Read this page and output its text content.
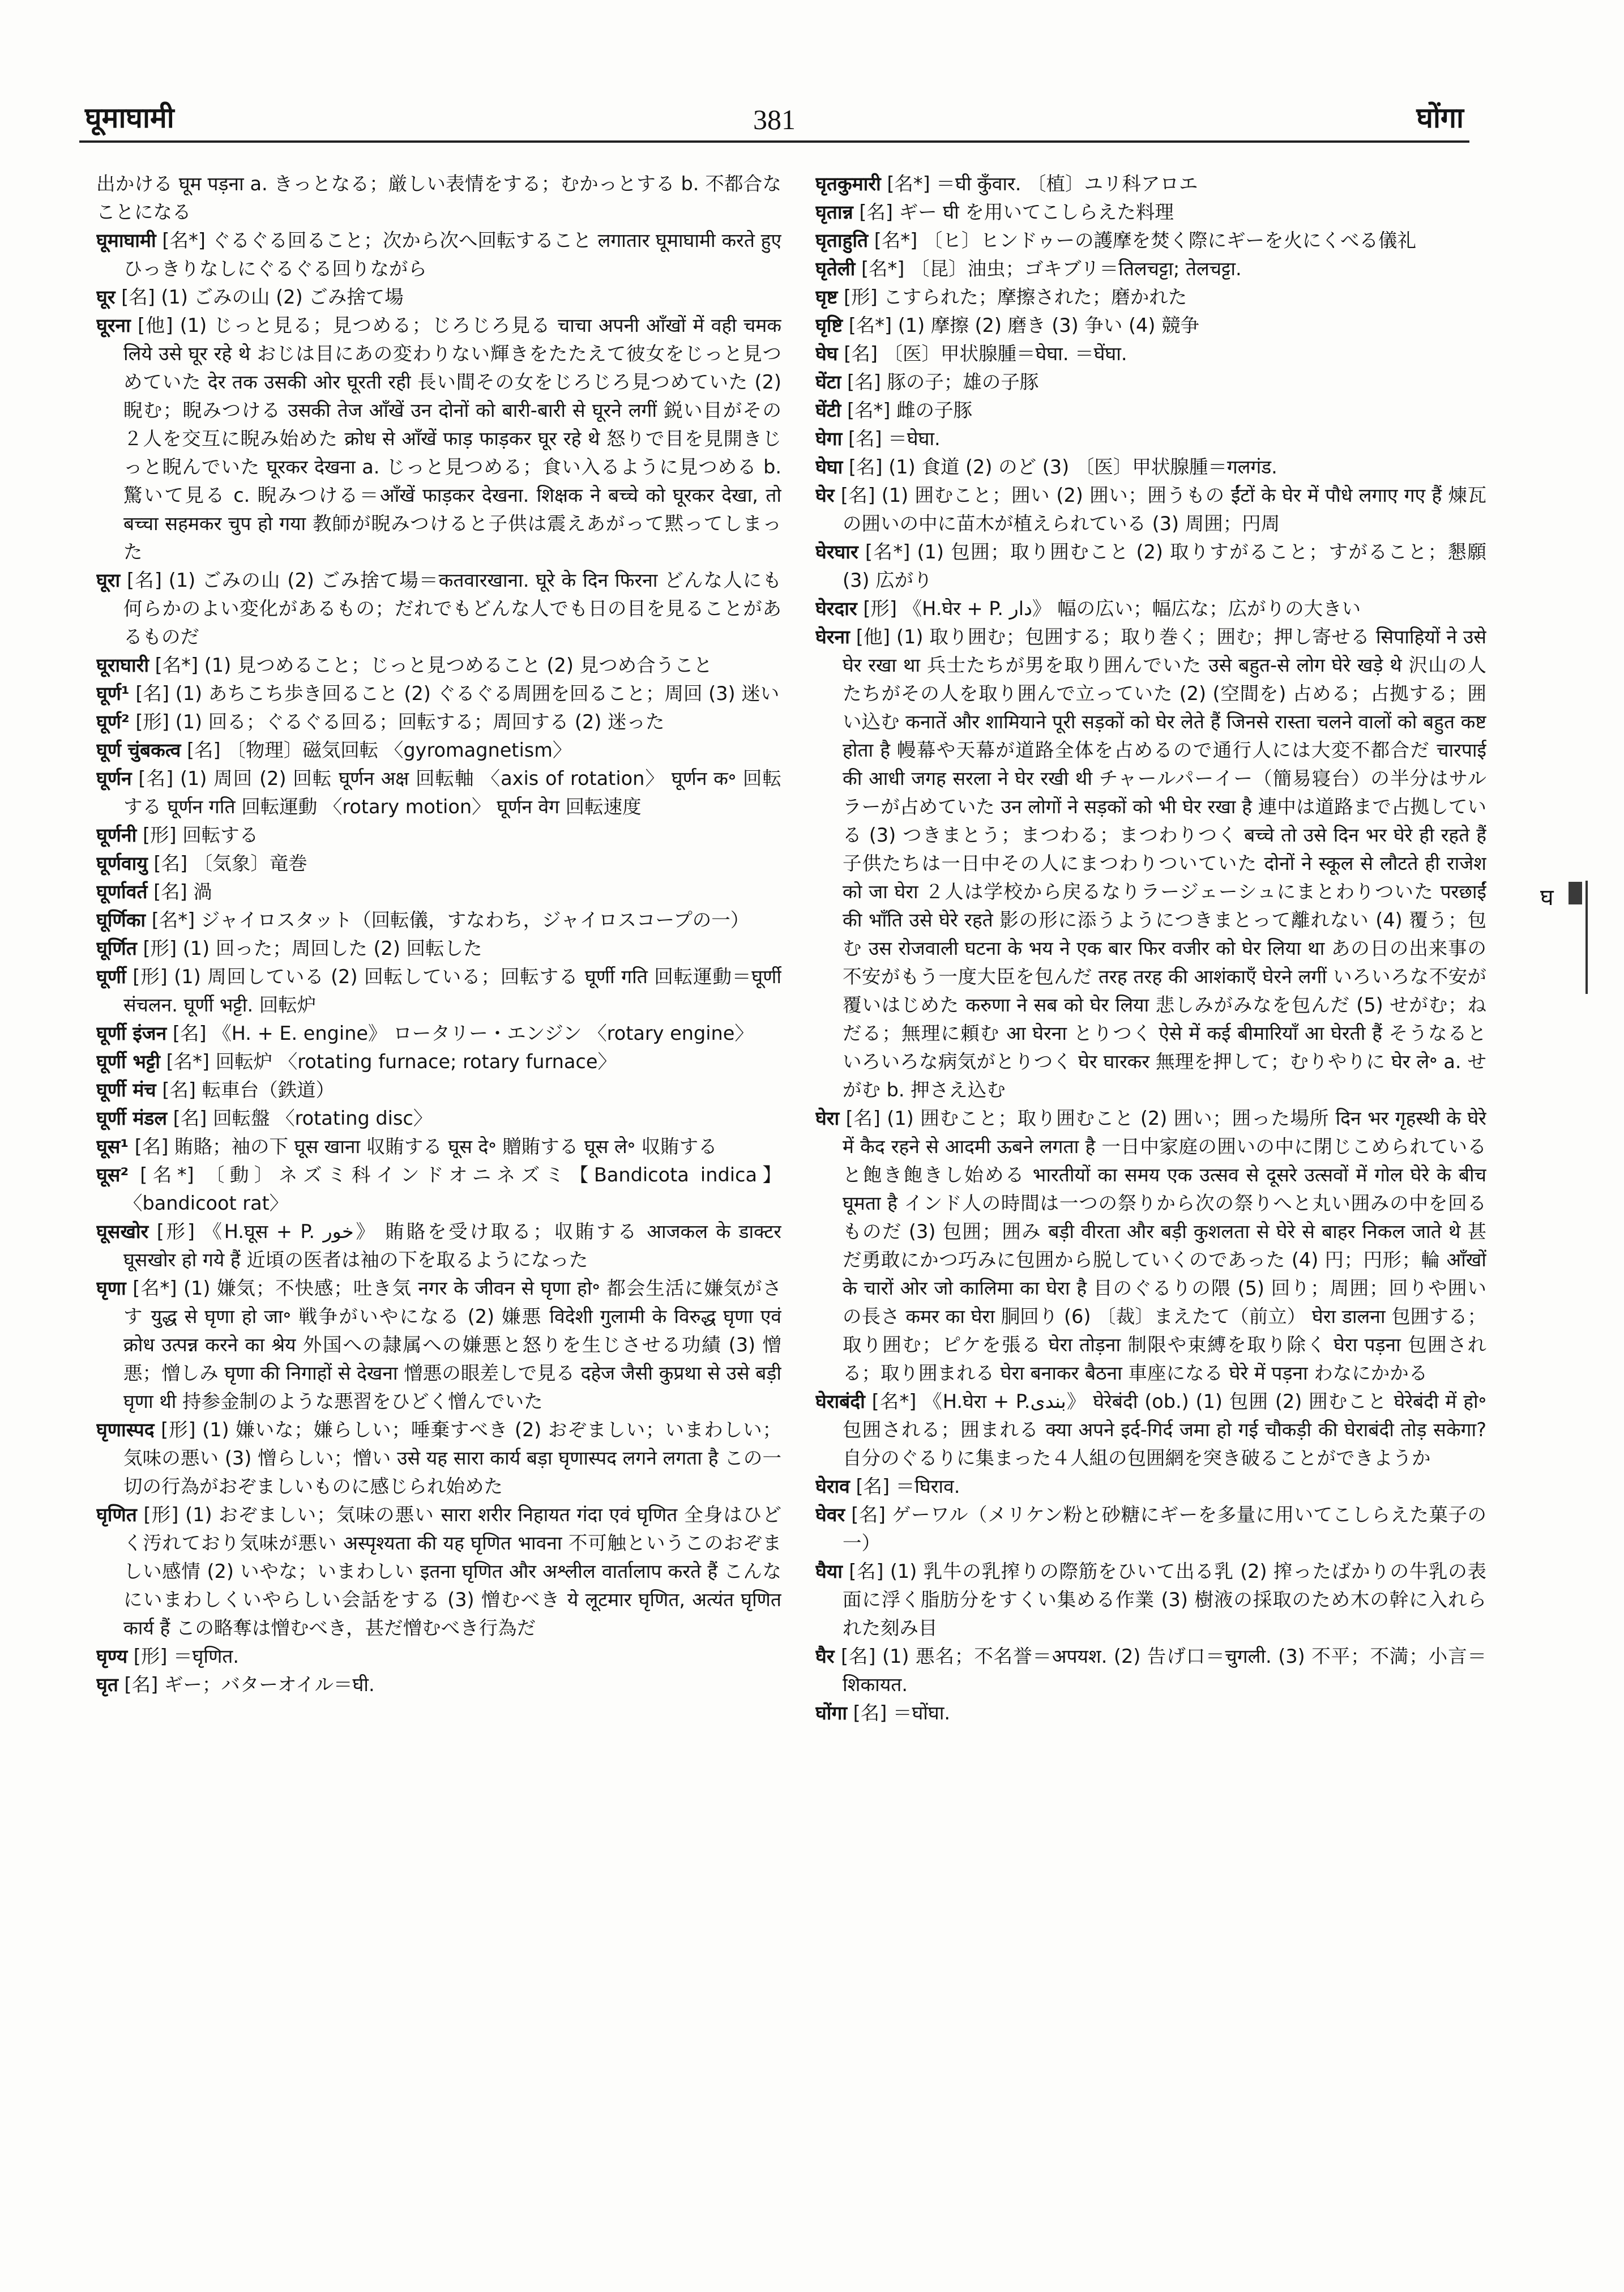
घूमाघामी	381	घोंगा

出かける घूम पड़ना a. きっとなる；厳しい表情をする；むかっとする b. 不都合なことになる

घूमाघामी [名*] ぐるぐる回ること；次から次へ回転すること लगातार घूमाघामी करते हुए ひっきりなしにぐるぐる回りながら

घूर [名] (1) ごみの山 (2) ごみ捨て場

घूरना [他] (1) じっと見る；見つめる；じろじろ見る चाचा अपनी आँखों में वही चमक लिये उसे घूर रहे थे おじは目にあの変わりない輝きをたたえて彼女をじっと見つめていた देर तक उसकी ओर घूरती रही 長い間その女をじろじろ見つめていた (2) 睨む；睨みつける उसकी तेज आँखें उन दोनों को बारी-बारी से घूरने लगीं 鋭い目がその２人を交互に睨み始めた क्रोध से आँखें फाड़ फाड़कर घूर रहे थे 怒りで目を見開きじっと睨んでいた घूरकर देखना a. じっと見つめる；食い入るように見つめる b. 驚いて見る c. 睨みつける＝आँखें फाड़कर देखना. शिक्षक ने बच्चे को घूरकर देखा, तो बच्चा सहमकर चुप हो गया 教師が睨みつけると子供は震えあがって黙ってしまった

घूरा [名] (1) ごみの山 (2) ごみ捨て場＝कतवारखाना. घूरे के दिन फिरना どんな人にも何らかのよい変化があるもの；だれでもどんな人でも日の目を見ることがあるものだ

घूराघारी [名*] (1) 見つめること；じっと見つめること (2) 見つめ合うこと

घूर्ण¹ [名] (1) あちこち歩き回ること (2) ぐるぐる周囲を回ること；周回 (3) 迷い

घूर्ण² [形] (1) 回る；ぐるぐる回る；回転する；周回する (2) 迷った

घूर्ण चुंबकत्व [名] 〔物理〕磁気回転 〈gyromagnetism〉

घूर्णन [名] (1) 周回 (2) 回転 घूर्णन अक्ष 回転軸 〈axis of rotation〉 घूर्णन क॰ 回転する घूर्णन गति 回転運動 〈rotary motion〉 घूर्णन वेग 回転速度

घूर्णनी [形] 回転する

घूर्णवायु [名] 〔気象〕竜巻

घूर्णावर्त [名] 渦

घूर्णिका [名*] ジャイロスタット（回転儀，すなわち，ジャイロスコープの一）

घूर्णित [形] (1) 回った；周回した (2) 回転した

घूर्णी [形] (1) 周回している (2) 回転している；回転する घूर्णी गति 回転運動＝घूर्णी संचलन. घूर्णी भट्टी. 回転炉

घूर्णी इंजन [名] 《H. + E. engine》 ロータリー・エンジン 〈rotary engine〉

घूर्णी भट्टी [名*] 回転炉 〈rotating furnace; rotary furnace〉

घूर्णी मंच [名] 転車台（鉄道）

घूर्णी मंडल [名] 回転盤 〈rotating disc〉

घूस¹ [名] 賄賂；袖の下 घूस खाना 収賄する घूस दे॰ 贈賄する घूस ले॰ 収賄する

घूस² [名*] 〔動〕ネズミ科インドオニネズミ【Bandicota indica】 〈bandicoot rat〉

घूसखोर [形] 《H.घूस + P. خور》 賄賂を受け取る；収賄する आजकल के डाक्टर घूसखोर हो गये हैं 近頃の医者は袖の下を取るようになった

घृणा [名*] (1) 嫌気；不快感；吐き気 नगर के जीवन से घृणा हो॰ 都会生活に嫌気がさす युद्ध से घृणा हो जा॰ 戦争がいやになる (2) 嫌悪 विदेशी गुलामी के विरुद्ध घृणा एवं क्रोध उत्पन्न करने का श्रेय 外国への隷属への嫌悪と怒りを生じさせる功績 (3) 憎悪；憎しみ घृणा की निगाहों से देखना 憎悪の眼差しで見る दहेज जैसी कुप्रथा से उसे बड़ी घृणा थी 持参金制のような悪習をひどく憎んでいた

घृणास्पद [形] (1) 嫌いな；嫌らしい；唾棄すべき (2) おぞましい；いまわしい；気味の悪い (3) 憎らしい；憎い उसे यह सारा कार्य बड़ा घृणास्पद लगने लगता है この一切の行為がおぞましいものに感じられ始めた

घृणित [形] (1) おぞましい；気味の悪い सारा शरीर निहायत गंदा एवं घृणित 全身はひどく汚れており気味が悪い अस्पृश्यता की यह घृणित भावना 不可触というこのおぞましい感情 (2) いやな；いまわしい इतना घृणित और अश्लील वार्तालाप करते हैं こんなにいまわしくいやらしい会話をする (3) 憎むべき ये लूटमार घृणित, अत्यंत घृणित कार्य हैं この略奪は憎むべき，甚だ憎むべき行為だ

घृण्य [形] ＝घृणित.

घृत [名] ギー；バターオイル＝घी.

घृतकुमारी [名*] ＝घी कुँवार. 〔植〕ユリ科アロエ

घृतान्न [名] ギー घी を用いてこしらえた料理

घृताहुति [名*] 〔ヒ〕ヒンドゥーの護摩を焚く際にギーを火にくべる儀礼

घृतेली [名*] 〔昆〕油虫；ゴキブリ＝तिलचट्टा; तेलचट्टा.

घृष्ट [形] こすられた；摩擦された；磨かれた

घृष्टि [名*] (1) 摩擦 (2) 磨き (3) 争い (4) 競争

घेघ [名] 〔医〕甲状腺腫＝घेघा. ＝घेंघा.

घेंटा [名] 豚の子；雄の子豚

घेंटी [名*] 雌の子豚

घेगा [名] ＝घेघा.

घेघा [名] (1) 食道 (2) のど (3) 〔医〕甲状腺腫＝गलगंड.

घेर [名] (1) 囲むこと；囲い (2) 囲い；囲うもの ईंटों के घेर में पौधे लगाए गए हैं 煉瓦の囲いの中に苗木が植えられている (3) 周囲；円周

घेरघार [名*] (1) 包囲；取り囲むこと (2) 取りすがること；すがること；懇願 (3) 広がり

घेरदार [形] 《H.घेर + P. دار》 幅の広い；幅広な；広がりの大きい

घेरना [他] (1) 取り囲む；包囲する；取り巻く；囲む；押し寄せる सिपाहियों ने उसे घेर रखा था 兵士たちが男を取り囲んでいた उसे बहुत-से लोग घेरे खड़े थे 沢山の人たちがその人を取り囲んで立っていた (2) (空間を) 占める；占拠する；囲い込む कनातें और शामियाने पूरी सड़कों को घेर लेते हैं जिनसे रास्ता चलने वालों को बहुत कष्ट होता है 幔幕や天幕が道路全体を占めるので通行人には大変不都合だ चारपाई की आधी जगह सरला ने घेर रखी थी チャールパーイー（簡易寝台）の半分はサルラーが占めていた उन लोगों ने सड़कों को भी घेर रखा है 連中は道路まで占拠している (3) つきまとう；まつわる；まつわりつく बच्चे तो उसे दिन भर घेरे ही रहते हैं 子供たちは一日中その人にまつわりついていた दोनों ने स्कूल से लौटते ही राजेश को जा घेरा ２人は学校から戻るなりラージェーシュにまとわりついた परछाईं की भाँति उसे घेरे रहते 影の形に添うようにつきまとって離れない (4) 覆う；包む उस रोजवाली घटना के भय ने एक बार फिर वजीर को घेर लिया था あの日の出来事の不安がもう一度大臣を包んだ तरह तरह की आशंकाएँ घेरने लगीं いろいろな不安が覆いはじめた करुणा ने सब को घेर लिया 悲しみがみなを包んだ (5) せがむ；ねだる；無理に頼む आ घेरना とりつく ऐसे में कई बीमारियाँ आ घेरती हैं そうなるといろいろな病気がとりつく घेर घारकर 無理を押して；むりやりに घेर ले॰ a. せがむ b. 押さえ込む

घेरा [名] (1) 囲むこと；取り囲むこと (2) 囲い；囲った場所 दिन भर गृहस्थी के घेरे में कैद रहने से आदमी ऊबने लगता है 一日中家庭の囲いの中に閉じこめられていると飽き飽きし始める भारतीयों का समय एक उत्सव से दूसरे उत्सवों में गोल घेरे के बीच घूमता है インド人の時間は一つの祭りから次の祭りへと丸い囲みの中を回るものだ (3) 包囲；囲み बड़ी वीरता और बड़ी कुशलता से घेरे से बाहर निकल जाते थे 甚だ勇敢にかつ巧みに包囲から脱していくのであった (4) 円；円形；輪 आँखों के चारों ओर जो कालिमा का घेरा है 目のぐるりの隈 (5) 回り；周囲；回りや囲いの長さ कमर का घेरा 胴回り (6) 〔裁〕まえたて（前立） घेरा डालना 包囲する；取り囲む；ピケを張る घेरा तोड़ना 制限や束縛を取り除く घेरा पड़ना 包囲される；取り囲まれる घेरा बनाकर बैठना 車座になる घेरे में पड़ना わなにかかる

घेराबंदी [名*] 《H.घेरा + P.بندی》 घेरेबंदी (ob.) (1) 包囲 (2) 囲むこと घेरेबंदी में हो॰ 包囲される；囲まれる क्या अपने इर्द-गिर्द जमा हो गई चौकड़ी की घेराबंदी तोड़ सकेगा? 自分のぐるりに集まった４人組の包囲網を突き破ることができようか

घेराव [名] ＝घिराव.

घेवर [名] ゲーワル（メリケン粉と砂糖にギーを多量に用いてこしらえた菓子の一）

घैया [名] (1) 乳牛の乳搾りの際筋をひいて出る乳 (2) 搾ったばかりの牛乳の表面に浮く脂肪分をすくい集める作業 (3) 樹液の採取のため木の幹に入れられた刻み目

घैर [名] (1) 悪名；不名誉＝अपयश. (2) 告げ口＝चुगली. (3) 不平；不満；小言＝शिकायत.

घोंगा [名] ＝घोंघा.

घ
